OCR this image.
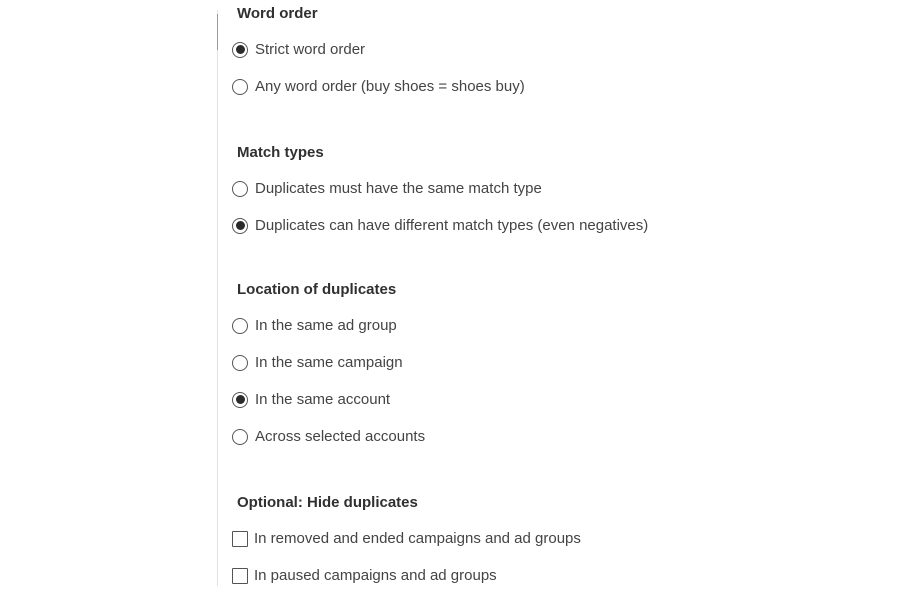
Word order
Strict word order
Any word order (buy shoes = shoes buy)
Match types
Duplicates must have the same match type
Duplicates can have different match types (even negatives)
Location of duplicates
In the same ad group
In the same campaign
In the same account
Across selected accounts
Optional: Hide duplicates
In removed and ended campaigns and ad groups
In paused campaigns and ad groups
